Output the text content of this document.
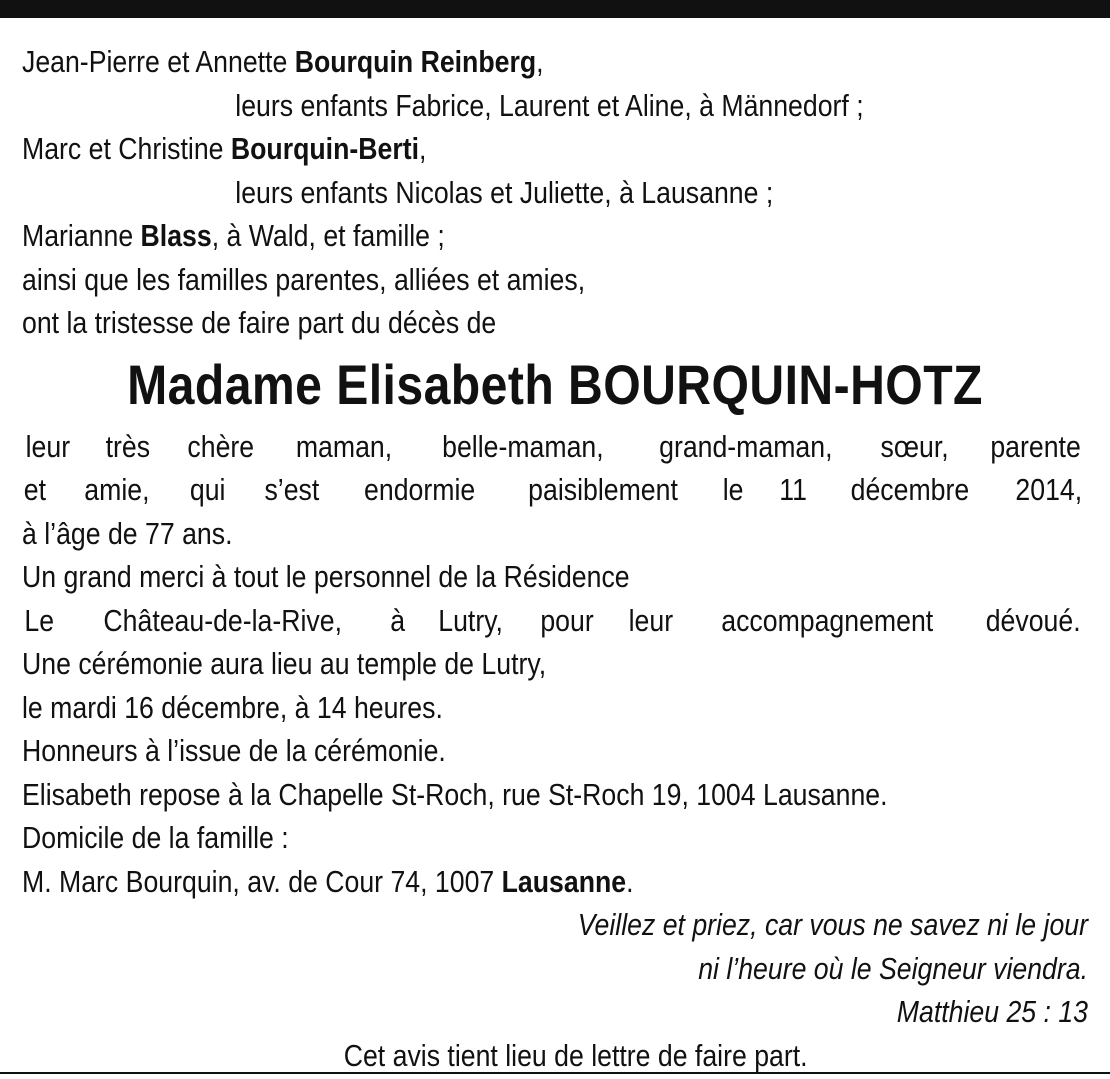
Jean-Pierre et Annette Bourquin Reinberg,
leurs enfants Fabrice, Laurent et Aline, à Männedorf ;
Marc et Christine Bourquin-Berti,
leurs enfants Nicolas et Juliette, à Lausanne ;
Marianne Blass, à Wald, et famille ;
ainsi que les familles parentes, alliées et amies,
ont la tristesse de faire part du décès de
Madame Elisabeth BOURQUIN-HOTZ
leur très chère maman, belle-maman, grand-maman, sœur, parente
et amie, qui s’est endormie paisiblement le 11 décembre 2014,
à l’âge de 77 ans.
Un grand merci à tout le personnel de la Résidence
Le Château-de-la-Rive, à Lutry, pour leur accompagnement dévoué.
Une cérémonie aura lieu au temple de Lutry,
le mardi 16 décembre, à 14 heures.
Honneurs à l’issue de la cérémonie.
Elisabeth repose à la Chapelle St-Roch, rue St-Roch 19, 1004 Lausanne.
Domicile de la famille :
M. Marc Bourquin, av. de Cour 74, 1007 Lausanne.
Veillez et priez, car vous ne savez ni le jour
ni l’heure où le Seigneur viendra.
Matthieu 25 : 13
Cet avis tient lieu de lettre de faire part.
